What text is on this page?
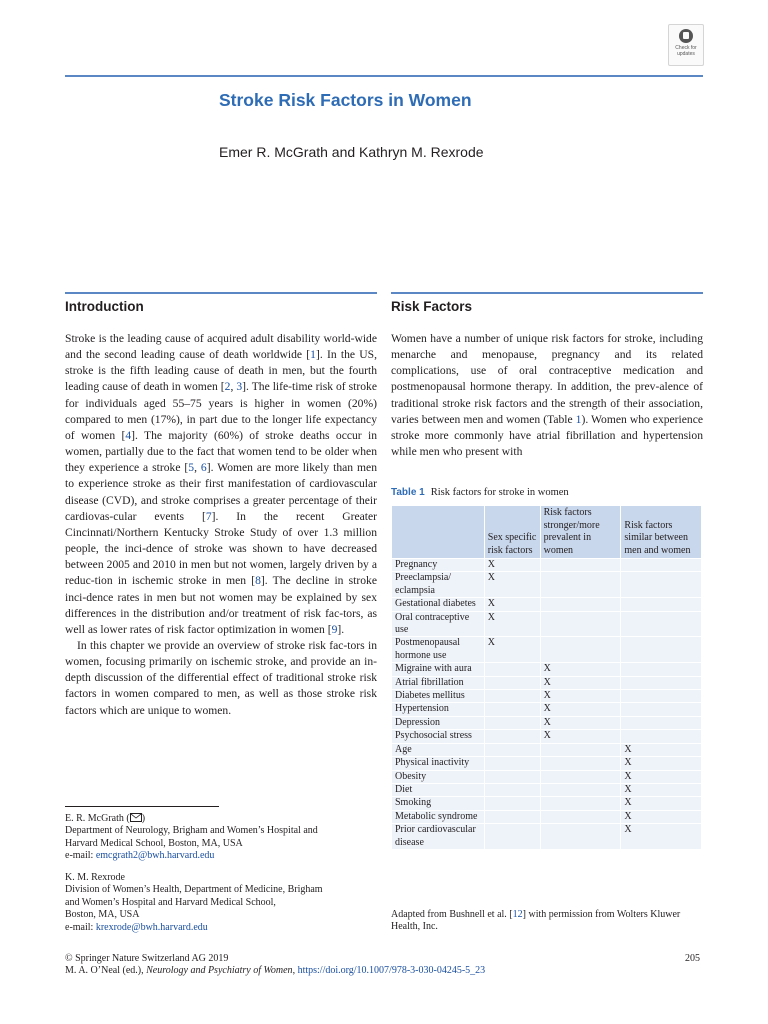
Check for
updates
Stroke Risk Factors in Women
Emer R. McGrath and Kathryn M. Rexrode
Introduction	Risk Factors

Stroke is the leading cause of acquired adult disability world-wide and the second leading cause of death worldwide [1]. In the US, stroke is the fifth leading cause of death in men, but the fourth leading cause of death in women [2, 3]. The life-time risk of stroke for individuals aged 55–75 years is higher in women (20%) compared to men (17%), in part due to the longer life expectancy of women [4]. The majority (60%) of stroke deaths occur in women, partially due to the fact that women tend to be older when they experience a stroke [5, 6]. Women are more likely than men to experience stroke as their first manifestation of cardiovascular disease (CVD), and stroke comprises a greater percentage of their cardiovas-cular events [7]. In the recent Greater Cincinnati/Northern Kentucky Stroke Study of over 1.3 million people, the inci-dence of stroke was shown to have decreased between 2005 and 2010 in men but not women, largely driven by a reduc-tion in ischemic stroke in men [8]. The decline in stroke inci-dence rates in men but not women may be explained by sex differences in the distribution and/or treatment of risk fac-tors, as well as lower rates of risk factor optimization in women [9].

In this chapter we provide an overview of stroke risk fac-tors in women, focusing primarily on ischemic stroke, and provide an in-depth discussion of the differential effect of traditional stroke risk factors in women compared to men, as well as those stroke risk factors which are unique to women.

Women have a number of unique risk factors for stroke, including menarche and menopause, pregnancy and its related complications, use of oral contraceptive medication and postmenopausal hormone therapy. In addition, the prev-alence of traditional stroke risk factors and the strength of their association, varies between men and women (Table 1). Women who experience stroke more commonly have atrial fibrillation and hypertension while men who present with

Table 1 Risk factors for stroke in women
	Sex specific risk factors	Risk factors stronger/more prevalent in women	Risk factors similar between men and women
Pregnancy	X		
Preeclampsia/ eclampsia	X		
Gestational diabetes	X		
Oral contraceptive use	X		
Postmenopausal hormone use	X		
Migraine with aura		X	
Atrial fibrillation		X	
Diabetes mellitus		X	
Hypertension		X	
Depression		X	
Psychosocial stress		X	
Age			X
Physical inactivity			X
Obesity			X
Diet			X
Smoking			X
Metabolic syndrome			X
Prior cardiovascular disease			X
Adapted from Bushnell et al. [12] with permission from Wolters Kluwer Health, Inc.
E. R. McGrath ( )
Department of Neurology, Brigham and Women’s Hospital and
Harvard Medical School, Boston, MA, USA
e-mail: emcgrath2@bwh.harvard.edu
K. M. Rexrode
Division of Women’s Health, Department of Medicine, Brigham
and Women’s Hospital and Harvard Medical School,
Boston, MA, USA
e-mail: krexrode@bwh.harvard.edu
© Springer Nature Switzerland AG 2019
M. A. O’Neal (ed.), Neurology and Psychiatry of Women, https://doi.org/10.1007/978-3-030-04245-5_23
205
